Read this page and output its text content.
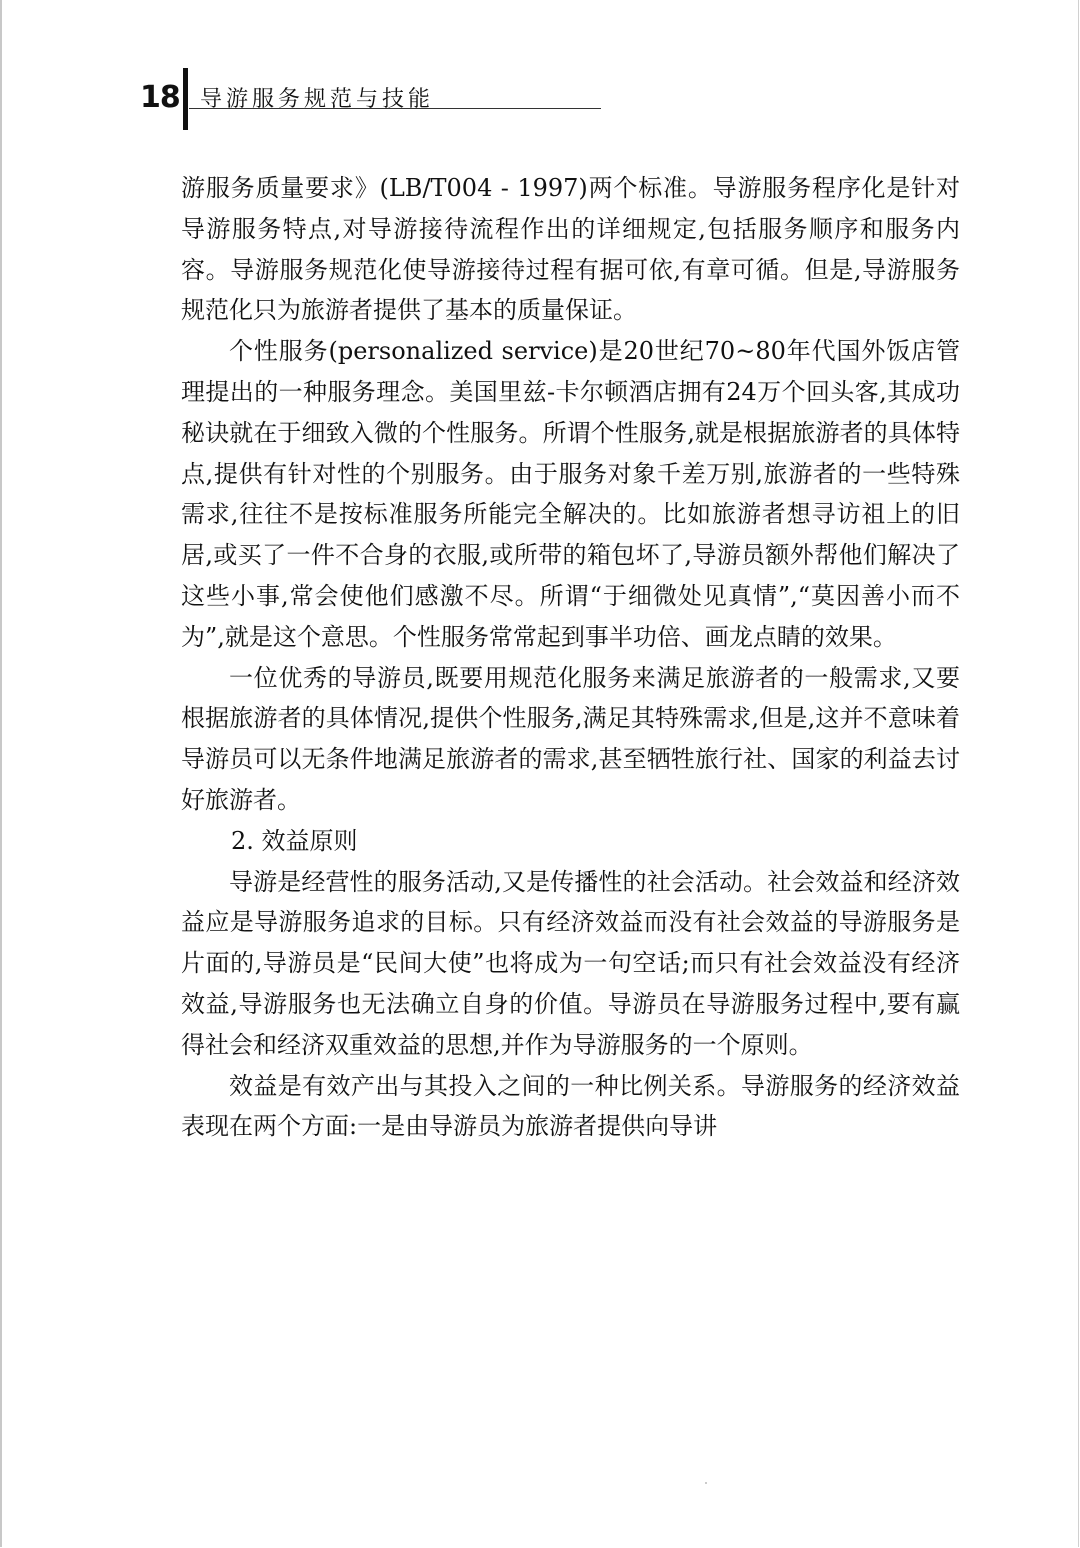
18 导游服务规范与技能

游服务质量要求》(LB/T004 - 1997)两个标准。导游服务程序化是针对导游服务特点,对导游接待流程作出的详细规定,包括服务顺序和服务内容。导游服务规范化使导游接待过程有据可依,有章可循。但是,导游服务规范化只为旅游者提供了基本的质量保证。

个性服务(personalized service)是20世纪70~80年代国外饭店管理提出的一种服务理念。美国里兹-卡尔顿酒店拥有24万个回头客,其成功秘诀就在于细致入微的个性服务。所谓个性服务,就是根据旅游者的具体特点,提供有针对性的个别服务。由于服务对象千差万别,旅游者的一些特殊需求,往往不是按标准服务所能完全解决的。比如旅游者想寻访祖上的旧居,或买了一件不合身的衣服,或所带的箱包坏了,导游员额外帮他们解决了这些小事,常会使他们感激不尽。所谓“于细微处见真情”,“莫因善小而不为”,就是这个意思。个性服务常常起到事半功倍、画龙点睛的效果。

一位优秀的导游员,既要用规范化服务来满足旅游者的一般需求,又要根据旅游者的具体情况,提供个性服务,满足其特殊需求,但是,这并不意味着导游员可以无条件地满足旅游者的需求,甚至牺牲旅行社、国家的利益去讨好旅游者。

2. 效益原则

导游是经营性的服务活动,又是传播性的社会活动。社会效益和经济效益应是导游服务追求的目标。只有经济效益而没有社会效益的导游服务是片面的,导游员是“民间大使”也将成为一句空话;而只有社会效益没有经济效益,导游服务也无法确立自身的价值。导游员在导游服务过程中,要有赢得社会和经济双重效益的思想,并作为导游服务的一个原则。

效益是有效产出与其投入之间的一种比例关系。导游服务的经济效益表现在两个方面:一是由导游员为旅游者提供向导讲
